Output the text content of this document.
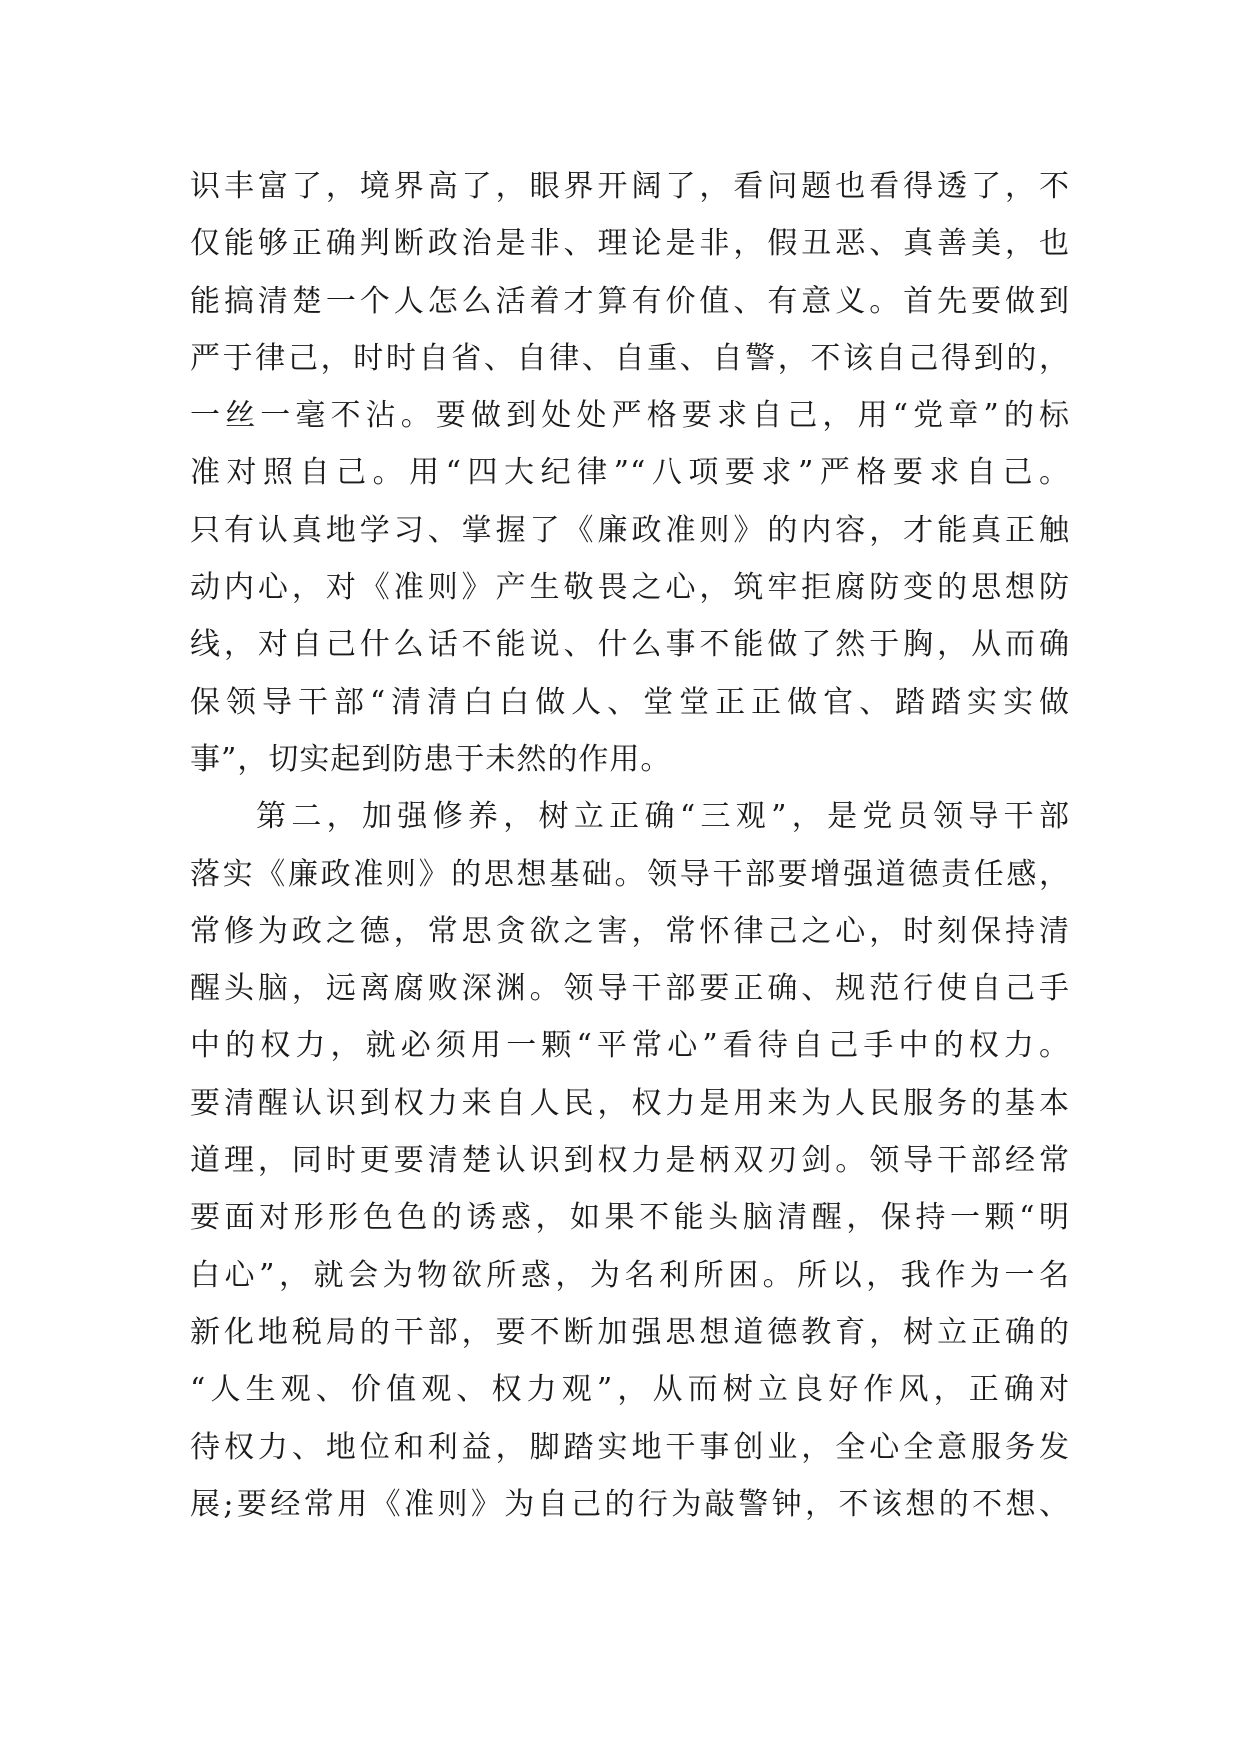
识丰富了，境界高了，眼界开阔了，看问题也看得透了，不
仅能够正确判断政治是非、理论是非，假丑恶、真善美，也
能搞清楚一个人怎么活着才算有价值、有意义。首先要做到
严于律己，时时自省、自律、自重、自警，不该自己得到的，
一丝一毫不沾。要做到处处严格要求自己，用“党章”的标
准对照自己。用“四大纪律”“八项要求”严格要求自己。
只有认真地学习、掌握了《廉政准则》的内容，才能真正触
动内心，对《准则》产生敬畏之心，筑牢拒腐防变的思想防
线，对自己什么话不能说、什么事不能做了然于胸，从而确
保领导干部“清清白白做人、堂堂正正做官、踏踏实实做
事”，切实起到防患于未然的作用。
第二，加强修养，树立正确“三观”，是党员领导干部
落实《廉政准则》的思想基础。领导干部要增强道德责任感，
常修为政之德，常思贪欲之害，常怀律己之心，时刻保持清
醒头脑，远离腐败深渊。领导干部要正确、规范行使自己手
中的权力，就必须用一颗“平常心”看待自己手中的权力。
要清醒认识到权力来自人民，权力是用来为人民服务的基本
道理，同时更要清楚认识到权力是柄双刃剑。领导干部经常
要面对形形色色的诱惑，如果不能头脑清醒，保持一颗“明
白心”，就会为物欲所惑，为名利所困。所以，我作为一名
新化地税局的干部，要不断加强思想道德教育，树立正确的
“人生观、价值观、权力观”，从而树立良好作风，正确对
待权力、地位和利益，脚踏实地干事创业，全心全意服务发
展;要经常用《准则》为自己的行为敲警钟，不该想的不想、
